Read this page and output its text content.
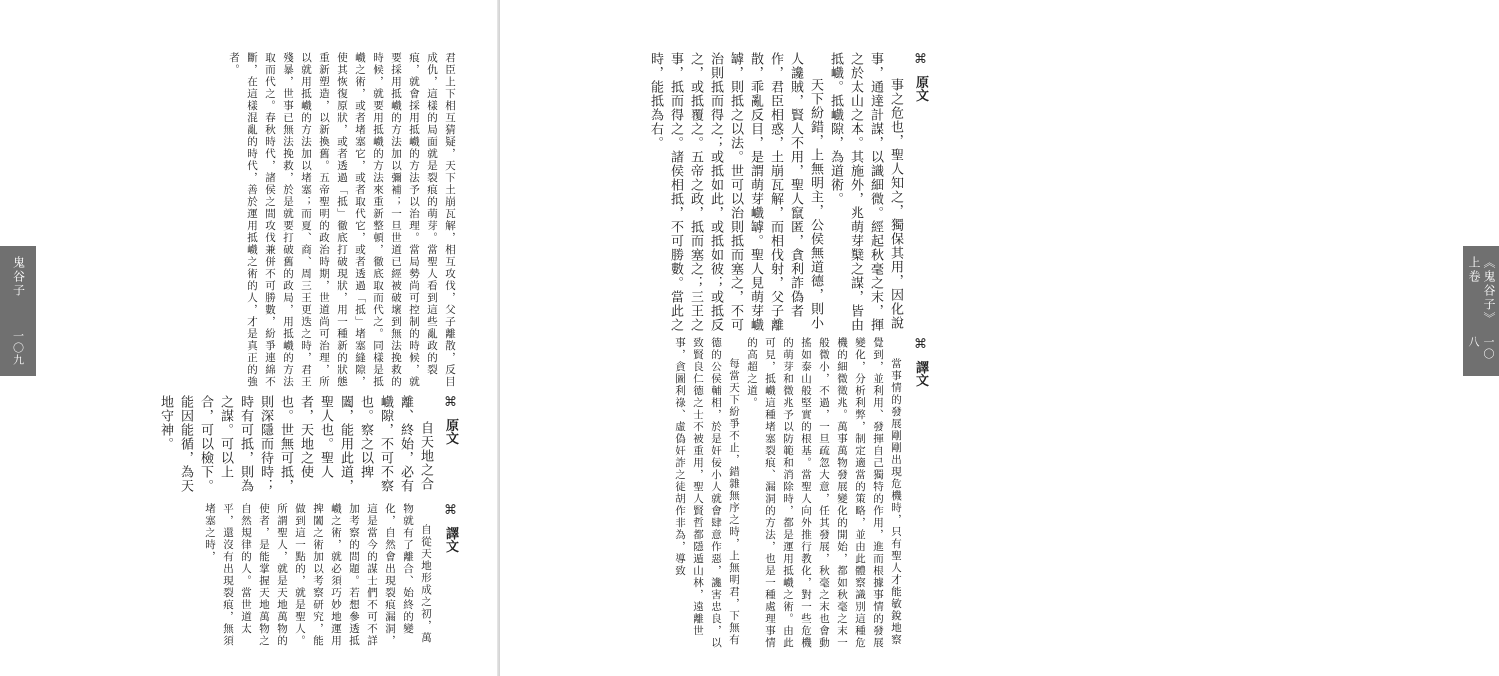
鬼谷子
一〇九	君臣上下相互猜疑，天下土崩瓦解，相互攻伐，父子離散，反目成仇，這樣的局面就是裂痕的萌芽。當聖人看到這些亂政的裂痕，就會採用抵巇的方法予以治理。當局勢尚可控制的時候，就要採用抵巇的方法加以彌補；一旦世道已經被破壞到無法挽救的時候，就要用抵巇的方法來重新整頓，徹底取而代之。同樣是抵巇之術，或者堵塞它，或者取代它，或者透過「抵」堵塞縫隙，使其恢復原狀，或者透過「抵」徹底打破現狀，用一種新的狀態重新塑造，以新換舊。五帝聖明的政治時期，世道尚可治理，所以就用抵巇的方法加以堵塞；而夏、商、周三王更迭之時，君王殘暴，世事已無法挽救，於是就要打破舊的政局，用抵巇的方法取而代之。春秋時代，諸侯之間攻伐兼併不可勝數，紛爭連綿不斷，在這樣混亂的時代，善於運用抵巇之術的人，才是真正的強者。

⌘ 原文

自天地之合離、終始，必有巇隙，不可不察也。察之以捭闔，能用此道，聖人也。聖人者，天地之使也。世無可抵，則深隱而待時；時有可抵，則為之謀。可以上合，可以檢下。能因能循，為天地守神。

⌘ 譯文

自從天地形成之初，萬物就有了離合、始終的變化，自然會出現裂痕漏洞，這是當今的謀士們不可不詳加考察的問題。若想參透抵巇之術，就必須巧妙地運用捭闔之術加以考察研究，能做到這一點的，就是聖人。所謂聖人，就是天地萬物的使者，是能掌握天地萬物之自然規律的人。當世道太平，還沒有出現裂痕，無須堵塞之時，

《鬼谷子》上卷
一〇八
⌘ 原文

事之危也，聖人知之，獨保其用，因化說事，通達計謀，以識細微。經起秋毫之末，揮之於太山之本。其施外，兆萌芽櫱之謀，皆由抵巇。抵巇隙，為道術。

天下紛錯，上無明主，公侯無道德，則小人讒賊，賢人不用，聖人竄匿，貪利詐偽者作，君臣相惑，土崩瓦解，而相伐射，父子離散，乖亂反目，是謂萌芽巇罅。聖人見萌芽巇罅，則抵之以法。世可以治則抵而塞之，不可治則抵而得之；或抵如此，或抵如彼；或抵反之，或抵覆之。五帝之政，抵而塞之；三王之事，抵而得之。諸侯相抵，不可勝數。當此之時，能抵為右。

⌘ 譯文

當事情的發展剛剛出現危機時，只有聖人才能敏銳地察覺到，並利用、發揮自己獨特的作用，進而根據事情的發展變化，分析利弊，制定適當的策略，並由此體察識別這種危機的細微徵兆。萬事萬物發展變化的開始，都如秋毫之末一般微小，不過，一旦疏忽大意，任其發展，秋毫之末也會動搖如泰山般堅實的根基。當聖人向外推行教化，對一些危機的萌芽和微兆予以防範和消除時，都是運用抵巇之術。由此可見，抵巇這種堵塞裂痕、漏洞的方法，也是一種處理事情的高超之道。

每當天下紛爭不止，錯雜無序之時，上無明君，下無有德的公侯輔相，於是奸佞小人就會肆意作惡，讒害忠良，以致賢良仁德之士不被重用，聖人賢哲都隱遁山林，遠離世事，貪圖利祿、虛偽奸詐之徒胡作非為，導致
